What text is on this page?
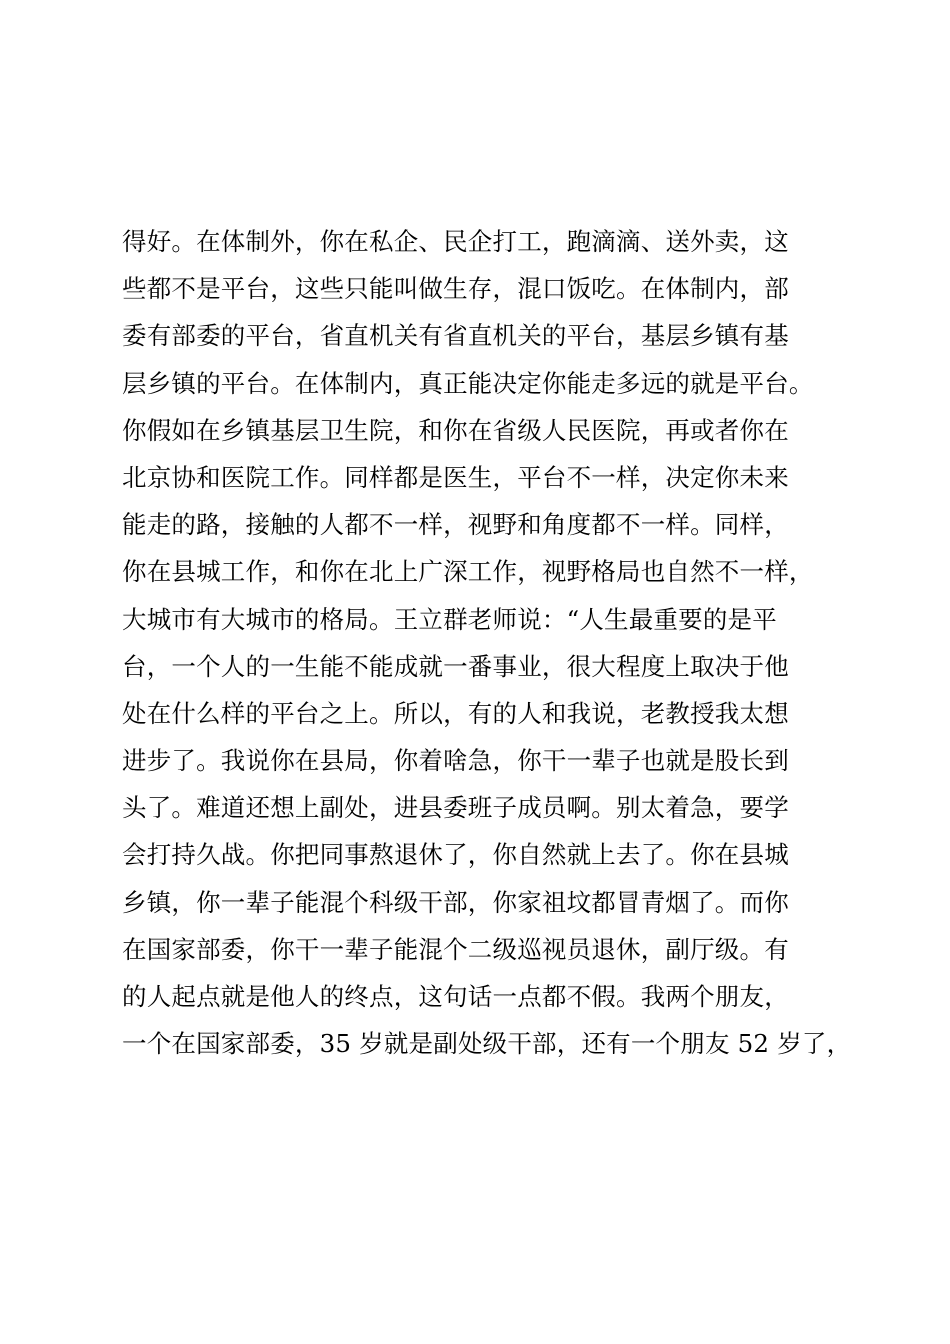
得好。在体制外，你在私企、民企打工，跑滴滴、送外卖，这
些都不是平台，这些只能叫做生存，混口饭吃。在体制内，部
委有部委的平台，省直机关有省直机关的平台，基层乡镇有基
层乡镇的平台。在体制内，真正能决定你能走多远的就是平台。
你假如在乡镇基层卫生院，和你在省级人民医院，再或者你在
北京协和医院工作。同样都是医生，平台不一样，决定你未来
能走的路，接触的人都不一样，视野和角度都不一样。同样，
你在县城工作，和你在北上广深工作，视野格局也自然不一样，
大城市有大城市的格局。王立群老师说：“人生最重要的是平
台，一个人的一生能不能成就一番事业，很大程度上取决于他
处在什么样的平台之上。所以，有的人和我说，老教授我太想
进步了。我说你在县局，你着啥急，你干一辈子也就是股长到
头了。难道还想上副处，进县委班子成员啊。别太着急，要学
会打持久战。你把同事熬退休了，你自然就上去了。你在县城
乡镇，你一辈子能混个科级干部，你家祖坟都冒青烟了。而你
在国家部委，你干一辈子能混个二级巡视员退休，副厅级。有
的人起点就是他人的终点，这句话一点都不假。我两个朋友，
一个在国家部委，35 岁就是副处级干部，还有一个朋友 52 岁了，
